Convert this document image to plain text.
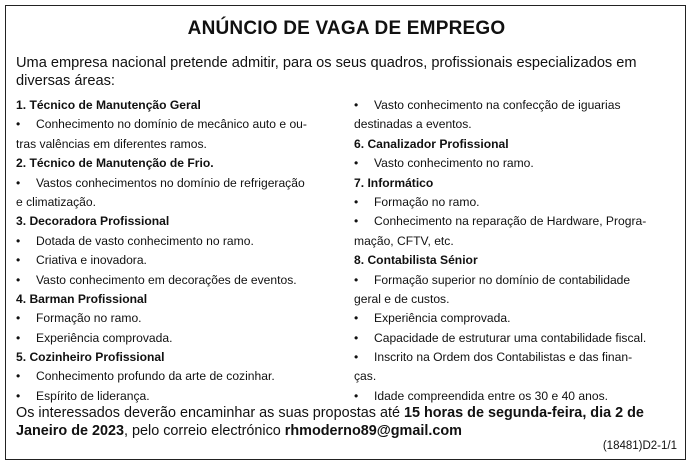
ANÚNCIO DE VAGA DE EMPREGO
Uma empresa nacional pretende admitir, para os seus quadros, profissionais especializados em diversas áreas:
1. Técnico de Manutenção Geral
• Conhecimento no domínio de mecânico auto e ou-
tras valências em diferentes ramos.
2. Técnico de Manutenção de Frio.
• Vastos conhecimentos no domínio de refrigeração
e climatização.
3. Decoradora Profissional
• Dotada de vasto conhecimento no ramo.
• Criativa e inovadora.
• Vasto conhecimento em decorações de eventos.
4. Barman Profissional
• Formação no ramo.
• Experiência comprovada.
5. Cozinheiro Profissional
• Conhecimento profundo da arte de cozinhar.
• Espírito de liderança.
• Vasto conhecimento na confecção de iguarias
destinadas a eventos.
6. Canalizador Profissional
• Vasto conhecimento no ramo.
7. Informático
• Formação no ramo.
• Conhecimento na reparação de Hardware, Progra-
mação, CFTV, etc.
8. Contabilista Sénior
• Formação superior no domínio de contabilidade
geral e de custos.
• Experiência comprovada.
• Capacidade de estruturar uma contabilidade fiscal.
• Inscrito na Ordem dos Contabilistas e das finan-
ças.
• Idade compreendida entre os 30 e 40 anos.
Os interessados deverão encaminhar as suas propostas até 15 horas de segunda-feira, dia 2 de Janeiro de 2023, pelo correio electrónico rhmoderno89@gmail.com
(18481)D2-1/1
